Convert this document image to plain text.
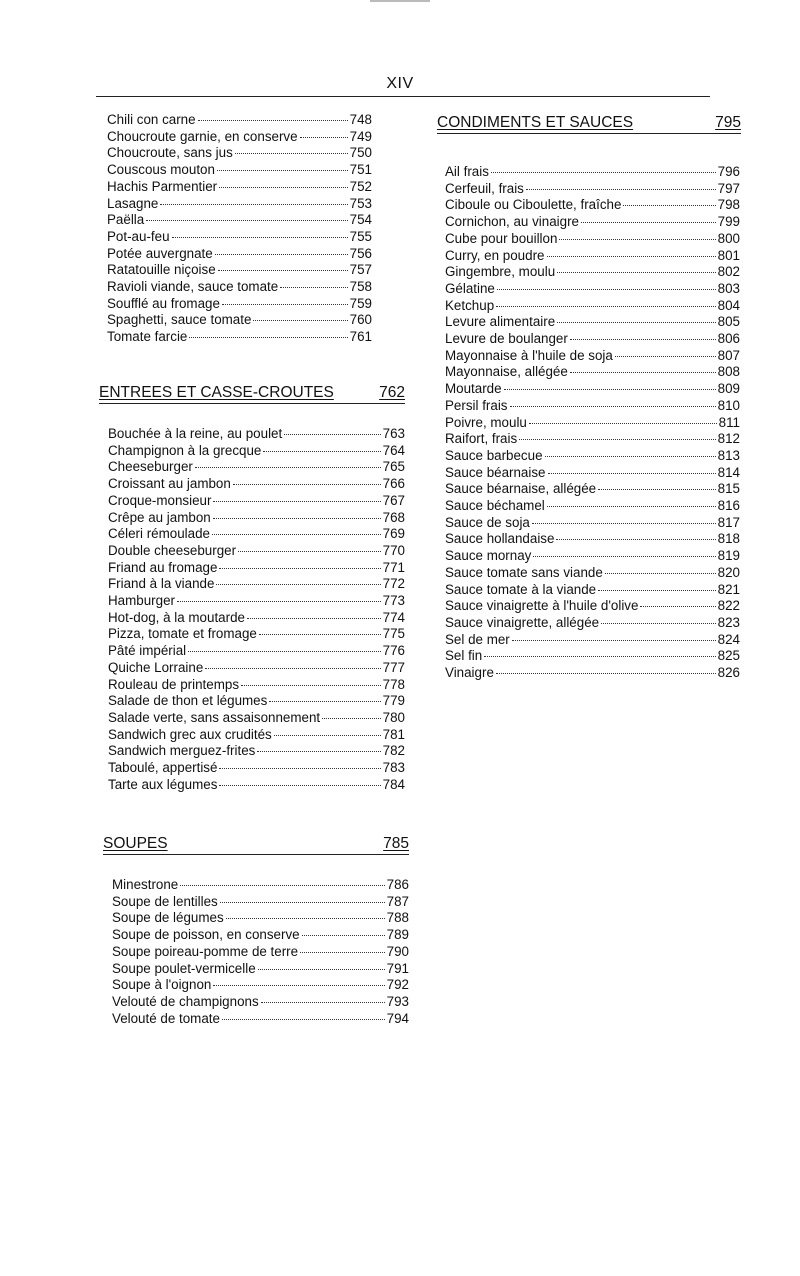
XIV
Chili con carne	748
Choucroute garnie, en conserve	749
Choucroute, sans jus	750
Couscous mouton	751
Hachis Parmentier	752
Lasagne	753
Paëlla	754
Pot-au-feu	755
Potée auvergnate	756
Ratatouille niçoise	757
Ravioli viande, sauce tomate	758
Soufflé au fromage	759
Spaghetti, sauce tomate	760
Tomate farcie	761
ENTREES ET CASSE-CROUTES	762
Bouchée à la reine, au poulet	763
Champignon à la grecque	764
Cheeseburger	765
Croissant au jambon	766
Croque-monsieur	767
Crêpe au jambon	768
Céleri rémoulade	769
Double cheeseburger	770
Friand au fromage	771
Friand à la viande	772
Hamburger	773
Hot-dog, à la moutarde	774
Pizza, tomate et fromage	775
Pâté impérial	776
Quiche Lorraine	777
Rouleau de printemps	778
Salade de thon et légumes	779
Salade verte, sans assaisonnement	780
Sandwich grec aux crudités	781
Sandwich merguez-frites	782
Taboulé, appertisé	783
Tarte aux légumes	784
SOUPES	785
Minestrone	786
Soupe de lentilles	787
Soupe de légumes	788
Soupe de poisson, en conserve	789
Soupe poireau-pomme de terre	790
Soupe poulet-vermicelle	791
Soupe à l'oignon	792
Velouté de champignons	793
Velouté de tomate	794
CONDIMENTS ET SAUCES	795
Ail frais	796
Cerfeuil, frais	797
Ciboule ou Ciboulette, fraîche	798
Cornichon, au vinaigre	799
Cube pour bouillon	800
Curry, en poudre	801
Gingembre, moulu	802
Gélatine	803
Ketchup	804
Levure alimentaire	805
Levure de boulanger	806
Mayonnaise à l'huile de soja	807
Mayonnaise, allégée	808
Moutarde	809
Persil frais	810
Poivre, moulu	811
Raifort, frais	812
Sauce barbecue	813
Sauce béarnaise	814
Sauce béarnaise, allégée	815
Sauce béchamel	816
Sauce de soja	817
Sauce hollandaise	818
Sauce mornay	819
Sauce tomate sans viande	820
Sauce tomate à la viande	821
Sauce vinaigrette à l'huile d'olive	822
Sauce vinaigrette, allégée	823
Sel de mer	824
Sel fin	825
Vinaigre	826
